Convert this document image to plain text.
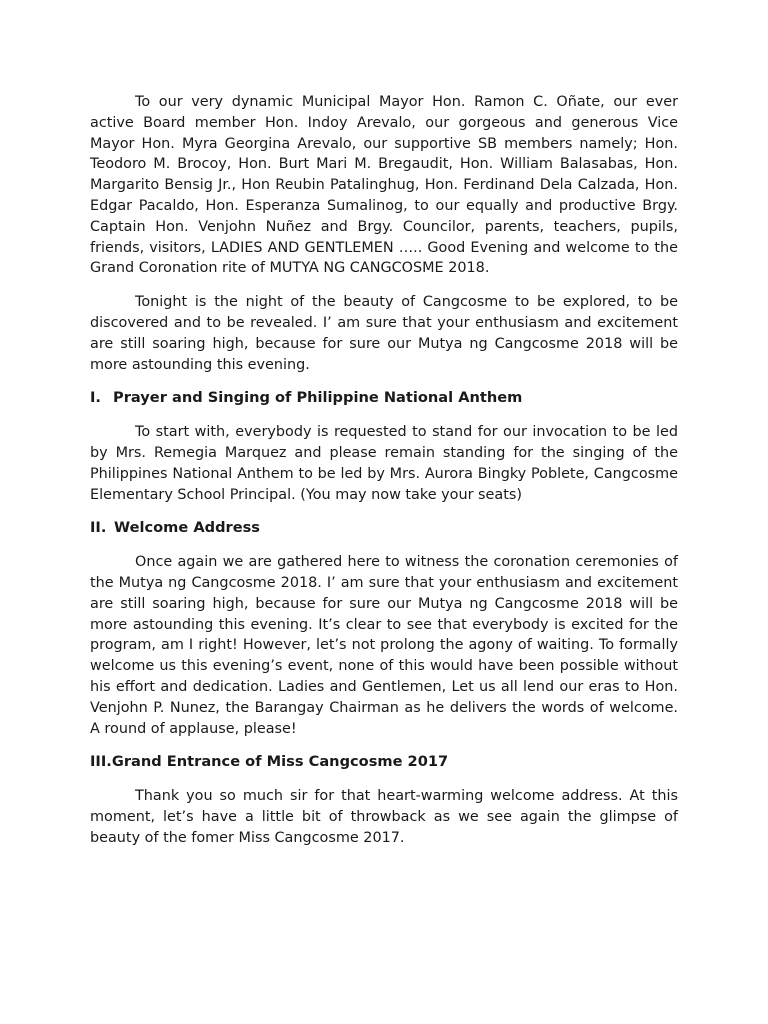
To our very dynamic Municipal Mayor Hon. Ramon C. Oñate, our ever active Board member Hon. Indoy Arevalo, our gorgeous and generous Vice Mayor Hon. Myra Georgina Arevalo, our supportive SB members namely; Hon. Teodoro M. Brocoy, Hon. Burt Mari M. Bregaudit, Hon. William Balasabas, Hon. Margarito Bensig Jr., Hon Reubin Patalinghug, Hon. Ferdinand Dela Calzada, Hon. Edgar Pacaldo, Hon. Esperanza Sumalinog, to our equally and productive Brgy. Captain Hon. Venjohn Nuñez and Brgy. Councilor, parents, teachers, pupils, friends, visitors, LADIES AND GENTLEMEN ….. Good Evening and welcome to the Grand Coronation rite of MUTYA NG CANGCOSME 2018.

Tonight is the night of the beauty of Cangcosme to be explored, to be discovered and to be revealed. I’ am sure that your enthusiasm and excitement are still soaring high, because for sure our Mutya ng Cangcosme 2018 will be more astounding this evening.

I. Prayer and Singing of Philippine National Anthem

To start with, everybody is requested to stand for our invocation to be led by Mrs. Remegia Marquez and please remain standing for the singing of the Philippines National Anthem to be led by Mrs. Aurora Bingky Poblete, Cangcosme Elementary School Principal. (You may now take your seats)

II. Welcome Address

Once again we are gathered here to witness the coronation ceremonies of the Mutya ng Cangcosme 2018. I’ am sure that your enthusiasm and excitement are still soaring high, because for sure our Mutya ng Cangcosme 2018 will be more astounding this evening. It’s clear to see that everybody is excited for the program, am I right! However, let’s not prolong the agony of waiting. To formally welcome us this evening’s event, none of this would have been possible without his effort and dedication. Ladies and Gentlemen, Let us all lend our eras to Hon. Venjohn P. Nunez, the Barangay Chairman as he delivers the words of welcome. A round of applause, please!

III.Grand Entrance of Miss Cangcosme 2017

Thank you so much sir for that heart-warming welcome address. At this moment, let’s have a little bit of throwback as we see again the glimpse of beauty of the fomer Miss Cangcosme 2017.
